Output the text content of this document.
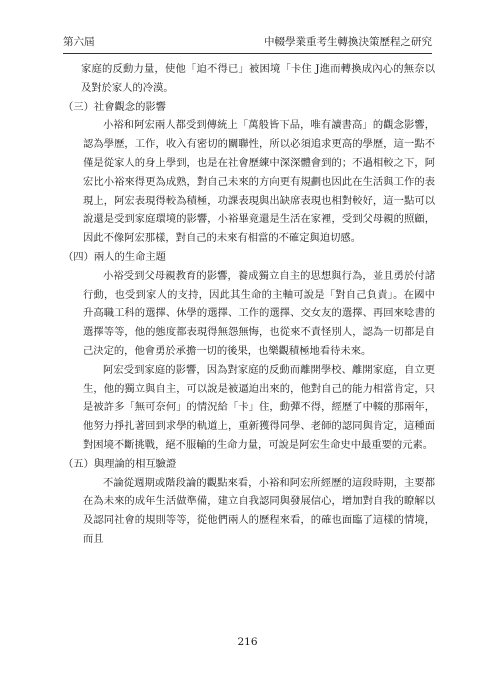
第六屆	中輟學業重考生轉換決策歷程之研究

家庭的反動力量，使他「迫不得已」被困境「卡住 J進而轉換成內心的無奈以及對於家人的冷漠。

（三）社會觀念的影響

小裕和阿宏兩人都受到傳統上「萬般皆下品，唯有讀書高」的觀念影響，認為學歷，工作，收入有密切的關聯性，所以必須追求更高的學歷，這一點不僅是從家人的身上學到，也是在社會歷練中深深體會到的；不過相較之下，阿宏比小裕來得更為成熟，對自己未來的方向更有規劃也因此在生活與工作的表現上，阿宏表現得較為積極，功課表現與出缺席表現也相對較好，這一點可以說還是受到家庭環境的影響，小裕畢竟還是生活在家裡，受到父母親的照顧，因此不像阿宏那樣，對自己的未來有相當的不確定與迫切感。

（四）兩人的生命主題

小裕受到父母親教育的影響，養成獨立自主的思想與行為，並且勇於付諸行動，也受到家人的支持，因此其生命的主軸可說是「對自己負責」。在國中升高職工科的選擇、休學的選擇、工作的選擇、交女友的選擇、再回來唸書的選擇等等，他的態度都表現得無怨無悔，也從來不責怪別人，認為一切都是自己決定的，他會勇於承擔一切的後果，也樂觀積極地看待未來。

阿宏受到家庭的影響，因為對家庭的反動而離開學校、離開家庭，自立更生，他的獨立與自主，可以說是被逼迫出來的，他對自己的能力相當肯定，只是被許多「無可奈何」的情況給「卡」住，動彈不得，經歷了中輟的那兩年，他努力掙扎著回到求學的軌道上，重新獲得同學、老師的認同與肯定，這種面對困境不斷挑戰，絕不服輸的生命力量，可說是阿宏生命史中最重要的元素。

（五）與理論的相互驗證

不論從週期或階段論的觀點來看，小裕和阿宏所經歷的這段時期，主要都在為未來的成年生活做準備，建立自我認同與發展信心，增加對自我的瞭解以及認同社會的規則等等，從他們兩人的歷程來看，的確也面臨了這樣的情境，而且

216
